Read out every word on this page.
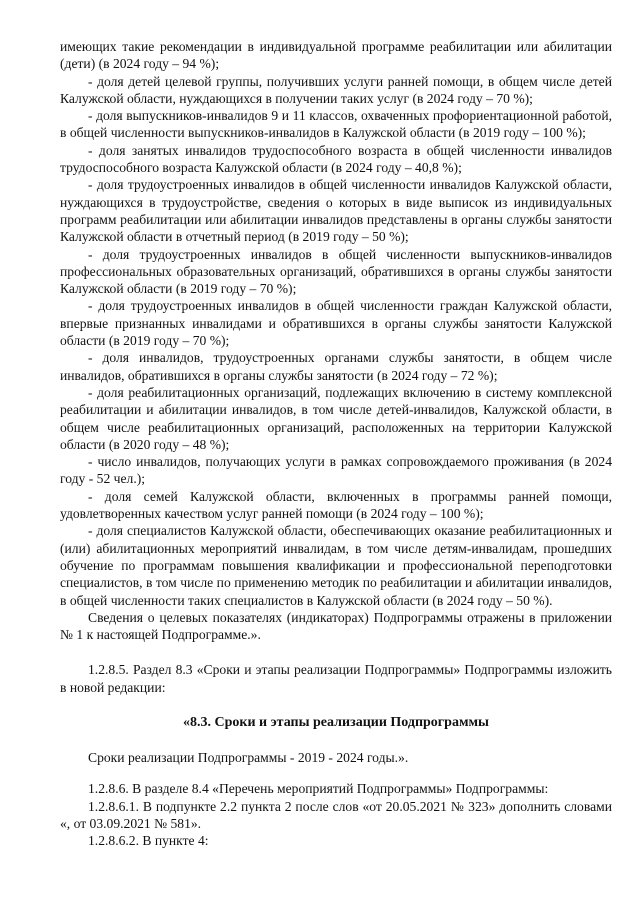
имеющих такие рекомендации в индивидуальной программе реабилитации или абилитации (дети) (в 2024 году – 94 %);

- доля детей целевой группы, получивших услуги ранней помощи, в общем числе детей Калужской области, нуждающихся в получении таких услуг (в 2024 году – 70 %);

- доля выпускников-инвалидов 9 и 11 классов, охваченных профориентационной работой, в общей численности выпускников-инвалидов в Калужской области (в 2019 году – 100 %);

- доля занятых инвалидов трудоспособного возраста в общей численности инвалидов трудоспособного возраста Калужской области (в 2024 году – 40,8 %);

- доля трудоустроенных инвалидов в общей численности инвалидов Калужской области, нуждающихся в трудоустройстве, сведения о которых в виде выписок из индивидуальных программ реабилитации или абилитации инвалидов представлены в органы службы занятости Калужской области в отчетный период (в 2019 году – 50 %);

- доля трудоустроенных инвалидов в общей численности выпускников-инвалидов профессиональных образовательных организаций, обратившихся в органы службы занятости Калужской области (в 2019 году – 70 %);

- доля трудоустроенных инвалидов в общей численности граждан Калужской области, впервые признанных инвалидами и обратившихся в органы службы занятости Калужской области (в 2019 году – 70 %);

- доля инвалидов, трудоустроенных органами службы занятости, в общем числе инвалидов, обратившихся в органы службы занятости (в 2024 году – 72 %);

- доля реабилитационных организаций, подлежащих включению в систему комплексной реабилитации и абилитации инвалидов, в том числе детей-инвалидов, Калужской области, в общем числе реабилитационных организаций, расположенных на территории Калужской области (в 2020 году – 48 %);

- число инвалидов, получающих услуги в рамках сопровождаемого проживания (в 2024 году - 52 чел.);

- доля семей Калужской области, включенных в программы ранней помощи, удовлетворенных качеством услуг ранней помощи (в 2024 году – 100 %);

- доля специалистов Калужской области, обеспечивающих оказание реабилитационных и (или) абилитационных мероприятий инвалидам, в том числе детям-инвалидам, прошедших обучение по программам повышения квалификации и профессиональной переподготовки специалистов, в том числе по применению методик по реабилитации и абилитации инвалидов, в общей численности таких специалистов в Калужской области (в 2024 году – 50 %).

Сведения о целевых показателях (индикаторах) Подпрограммы отражены в приложении № 1 к настоящей Подпрограмме.».

1.2.8.5. Раздел 8.3 «Сроки и этапы реализации Подпрограммы» Подпрограммы изложить в новой редакции:

«8.3. Сроки и этапы реализации Подпрограммы

Сроки реализации Подпрограммы - 2019 - 2024 годы.».

1.2.8.6. В разделе 8.4 «Перечень мероприятий Подпрограммы» Подпрограммы:

1.2.8.6.1. В подпункте 2.2 пункта 2 после слов «от 20.05.2021 № 323» дополнить словами «, от 03.09.2021 № 581».

1.2.8.6.2. В пункте 4:
